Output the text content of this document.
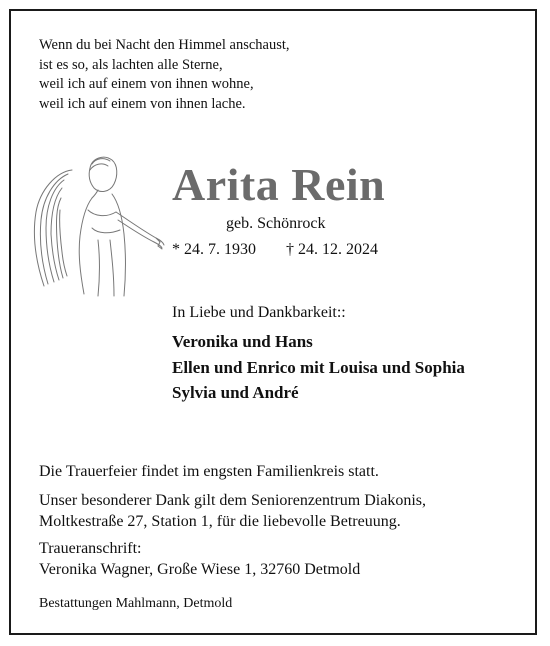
Wenn du bei Nacht den Himmel anschaust,
ist es so, als lachten alle Sterne,
weil ich auf einem von ihnen wohne,
weil ich auf einem von ihnen lache.
Arita Rein
geb. Schönrock
* 24. 7. 1930 † 24. 12. 2024
In Liebe und Dankbarkeit::
Veronika und Hans
Ellen und Enrico mit Louisa und Sophia
Sylvia und André
Die Trauerfeier findet im engsten Familienkreis statt.
Unser besonderer Dank gilt dem Seniorenzentrum Diakonis,
Moltkestraße 27, Station 1, für die liebevolle Betreuung.
Traueranschrift:
Veronika Wagner, Große Wiese 1, 32760 Detmold
Bestattungen Mahlmann, Detmold
